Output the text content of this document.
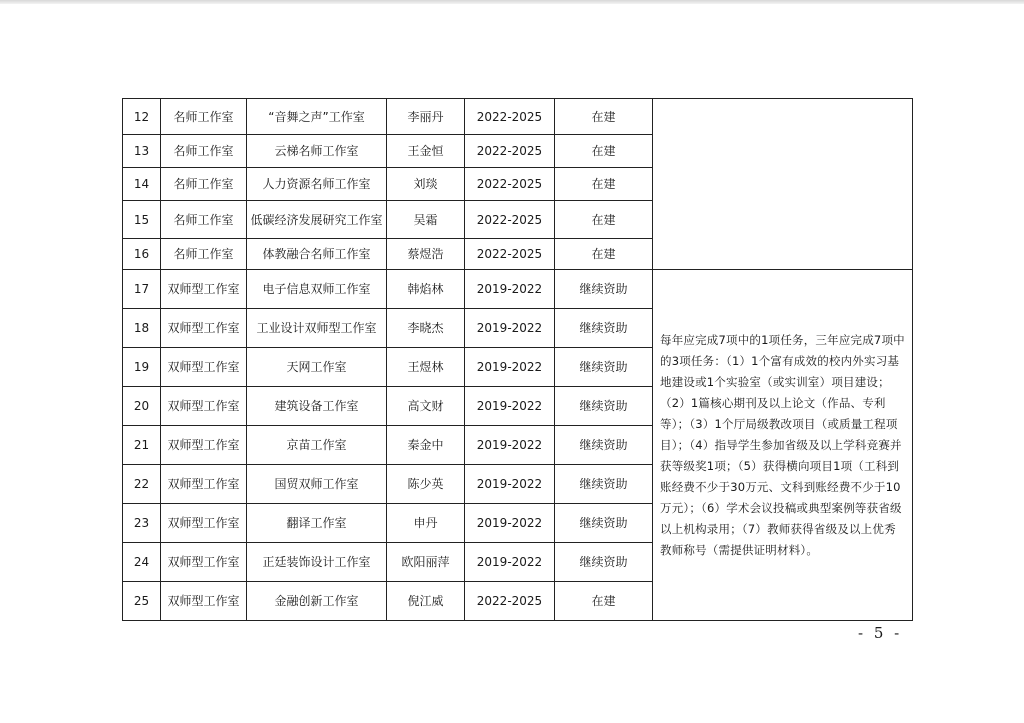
12	名师工作室	“音舞之声”工作室	李丽丹	2022-2025	在建	
13	名师工作室	云梯名师工作室	王金恒	2022-2025	在建	
14	名师工作室	人力资源名师工作室	刘琰	2022-2025	在建	
15	名师工作室	低碳经济发展研究工作室	吴霜	2022-2025	在建	
16	名师工作室	体教融合名师工作室	蔡煜浩	2022-2025	在建	
17	双师型工作室	电子信息双师工作室	韩焰林	2019-2022	继续资助	每年应完成7项中的1项任务，三年应完成7项中的3项任务：（1）1个富有成效的校内外实习基地建设或1个实验室（或实训室）项目建设；（2）1篇核心期刊及以上论文（作品、专利等）；（3）1个厅局级教改项目（或质量工程项目）；（4）指导学生参加省级及以上学科竞赛并获等级奖1项；（5）获得横向项目1项（工科到账经费不少于30万元、文科到账经费不少于10万元）；（6）学术会议投稿或典型案例等获省级以上机构录用；（7）教师获得省级及以上优秀教师称号（需提供证明材料）。
18	双师型工作室	工业设计双师型工作室	李晓杰	2019-2022	继续资助	
19	双师型工作室	天网工作室	王煜林	2019-2022	继续资助	
20	双师型工作室	建筑设备工作室	高文财	2019-2022	继续资助	
21	双师型工作室	京苗工作室	秦金中	2019-2022	继续资助	
22	双师型工作室	国贸双师工作室	陈少英	2019-2022	继续资助	
23	双师型工作室	翻译工作室	申丹	2019-2022	继续资助	
24	双师型工作室	正廷装饰设计工作室	欧阳丽萍	2019-2022	继续资助	
25	双师型工作室	金融创新工作室	倪江威	2022-2025	在建	
- 5 -
